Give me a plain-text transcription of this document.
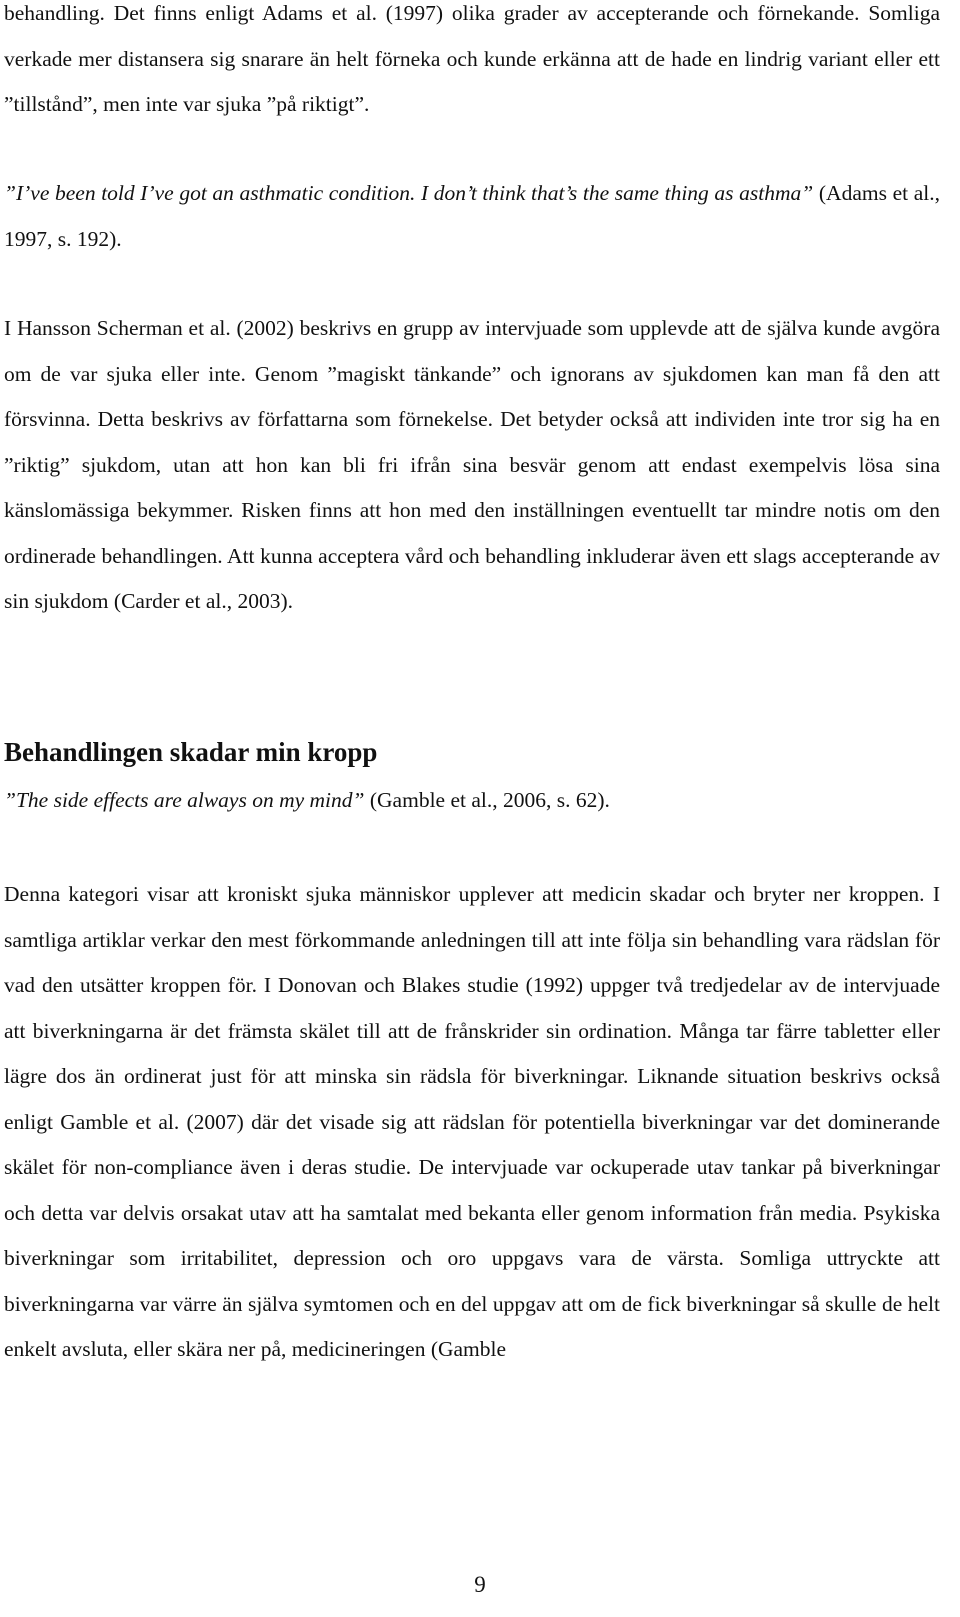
behandling. Det finns enligt Adams et al. (1997) olika grader av accepterande och förnekande. Somliga verkade mer distansera sig snarare än helt förneka och kunde erkänna att de hade en lindrig variant eller ett ”tillstånd”, men inte var sjuka ”på riktigt”.

”I’ve been told I’ve got an asthmatic condition. I don’t think that’s the same thing as asthma” (Adams et al., 1997, s. 192).

I Hansson Scherman et al. (2002) beskrivs en grupp av intervjuade som upplevde att de själva kunde avgöra om de var sjuka eller inte. Genom ”magiskt tänkande” och ignorans av sjukdomen kan man få den att försvinna. Detta beskrivs av författarna som förnekelse. Det betyder också att individen inte tror sig ha en ”riktig” sjukdom, utan att hon kan bli fri ifrån sina besvär genom att endast exempelvis lösa sina känslomässiga bekymmer. Risken finns att hon med den inställningen eventuellt tar mindre notis om den ordinerade behandlingen. Att kunna acceptera vård och behandling inkluderar även ett slags accepterande av sin sjukdom (Carder et al., 2003).

Behandlingen skadar min kropp

”The side effects are always on my mind” (Gamble et al., 2006, s. 62).

Denna kategori visar att kroniskt sjuka människor upplever att medicin skadar och bryter ner kroppen. I samtliga artiklar verkar den mest förkommande anledningen till att inte följa sin behandling vara rädslan för vad den utsätter kroppen för. I Donovan och Blakes studie (1992) uppger två tredjedelar av de intervjuade att biverkningarna är det främsta skälet till att de frånskrider sin ordination. Många tar färre tabletter eller lägre dos än ordinerat just för att minska sin rädsla för biverkningar. Liknande situation beskrivs också enligt Gamble et al. (2007) där det visade sig att rädslan för potentiella biverkningar var det dominerande skälet för non-compliance även i deras studie. De intervjuade var ockuperade utav tankar på biverkningar och detta var delvis orsakat utav att ha samtalat med bekanta eller genom information från media. Psykiska biverkningar som irritabilitet, depression och oro uppgavs vara de värsta. Somliga uttryckte att biverkningarna var värre än själva symtomen och en del uppgav att om de fick biverkningar så skulle de helt enkelt avsluta, eller skära ner på, medicineringen (Gamble

9
